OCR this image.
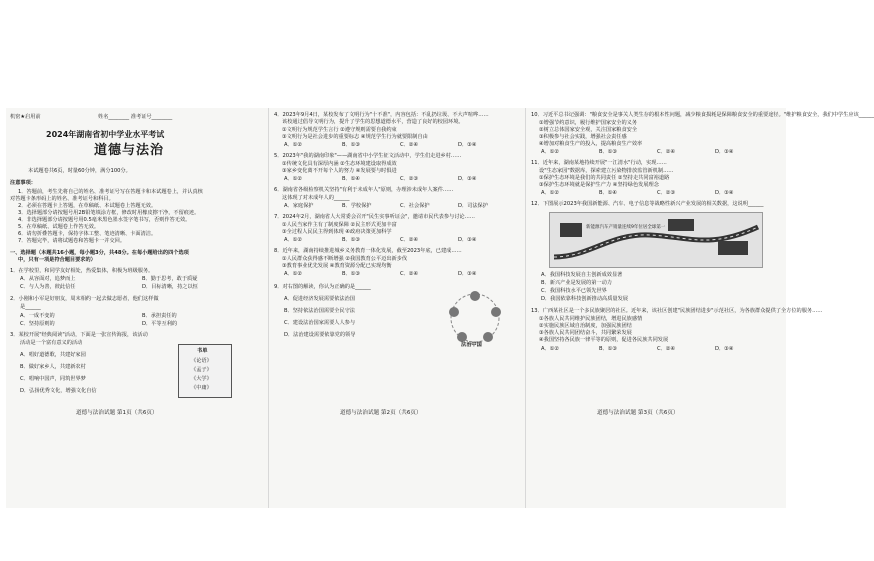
机密★启用前	姓名________ 准考证号________
2024年湖南省初中学业水平考试
道德与法治
本试题卷共6页，时量60分钟，满分100分。
注意事项：
1．答题前，考生先将自己的姓名、准考证号写在答题卡和本试题卷上，并认真核
对答题卡条形码上的姓名、准考证号和科目。
2．必须在答题卡上答题，在草稿纸、本试题卷上答题无效。
3．选择题部分请按题号用2B铅笔填涂方框，修改时用橡皮擦干净，不留痕迹。
4．非选择题部分请按题号用0.5毫米黑色墨水签字笔书写，否则作答无效。
5．在草稿纸、试题卷上作答无效。
6．请勿折叠答题卡，保持字体工整、笔迹清晰、卡面清洁。
7．答题完毕，请将试题卷和答题卡一并交回。
一、选择题（本题共16小题，每小题3分，共48分。在每小题给出的四个选项
中，只有一项是符合题目要求的）
1．在学校里，和同学友好相处，热爱集体，积极为班级服务。
A．从容面对，追梦而上	B．勤于思考，敢于质疑
C．与人为善，彼此信任	D．目标清晰，持之以恒
2．小刚和小军是好朋友，周末相约一起去做志愿者，他们这样做
是______
A．一成不变的	B．承担责任的
C．坚持原则的	D．平等互利的
3．某校开展"经典阅读"活动，下面是一张宣传海报，该活动
活动是一个富有意义的活动
A．唱好道德歌，共建好家园
B．做好家乡人，共建新农村
C．唱响中国声，同筑世界梦
D．弘扬优秀文化，增强文化自信
书单
《论语》
《孟子》
《大学》
《中庸》
道德与法治试题 第1页（共6页）
4．2023年9月4日，某校发布了文明行为"十不准"，内容包括：不乱扔垃圾、不大声喧哗……
该校通过倡导文明行为，提升了学生的思想道德水平，营造了良好的校园环境。
①文明行为规范学生言行 ②遵守规则需要自我约束
③文明行为是社会进步的重要标志 ④规范学生行为就要限制自由
A．①②	B．①③	C．②④	D．③④
5．2023年"我的湖南印象"——湖南省中小学生征文活动中，学生们走进乡村……
①传统文化具有深厚内涵 ②生态环境建设取得成效
③家乡变化离不开每个人的努力 ④发展要与时俱进
A．①②	B．①④	C．②③	D．③④
6．湖南省各级检察机关坚持"有利于未成年人"原则，办理涉未成年人案件……
这体现了对未成年人的______
A．家庭保护	B．学校保护	C．社会保护	D．司法保护
7．2024年2月，湖南省人大常委会召开"民生实事听证会"，邀请市民代表参与讨论……
①人民当家作主有了制度保障 ②民主形式更加丰富
③全过程人民民主得到体现 ④政府决策更加科学
A．①②	B．①③	C．②④	D．③④
8．近年来，湖南持续推进城乡义务教育一体化发展，截至2023年底，已建成……
①人民群众获得感不断增强 ②我国教育公平迈出新步伐
③教育事业优先发展 ④教育资源分配已实现均衡
A．①②	B．①③	C．②④	D．③④
9．对右图的解读，你认为正确的是______
A．促进经济发展需要依法治国
B．坚持依法治国需要全民守法
C．建设法治国家需要人人参与
D．法治建设需要依靠党的领导
法治中国
道德与法治试题 第2页（共6页）
10．习近平总书记强调："粮食安全是事关人类生存的根本性问题，减少粮食损耗是保障粮食安全的重要途径。"维护粮食安全，我们中学生应该______
①增强节约意识，履行维护国家安全的义务
②树立总体国家安全观，关注国家粮食安全
③积极参与社会实践，增强社会责任感
④增加对粮食生产的投入，提高粮食生产效率
A．①②	B．①③	C．②④	D．③④
11．近年来，湖南某地持续开展"一江清水"行动，实现……
设"生态家园"数据库，探索建立污染物排放监管新机制……
①保护生态环境是我们的共同责任 ②坚持走共同富裕道路
③保护生态环境就是保护生产力 ④坚持绿色发展理念
A．①②	B．①④	C．②③	D．③④
12．下图展示2023年我国新能源、汽车、电子信息等战略性新兴产业发展的相关数据，这说明______
新能源汽车产销量连续9年位居全球第一
A．我国科技发展自主创新成效显著
B．新兴产业是发展的第一动力
C．我国科技水平已领先世界
D．我国依靠科技创新推动高质量发展
13．广西某社区是一个多民族聚居的社区。近年来，该社区创建"民族团结进步"示范社区，为各族群众提供了全方位的服务……
①各族人民共同维护民族团结，增进民族感情
②实施民族区域自治制度，加强民族团结
③各族人民共同团结奋斗，共同繁荣发展
④我国坚持各民族一律平等的原则，促进各民族共同发展
A．①②	B．①③	C．②④	D．③④
道德与法治试题 第3页（共6页）
